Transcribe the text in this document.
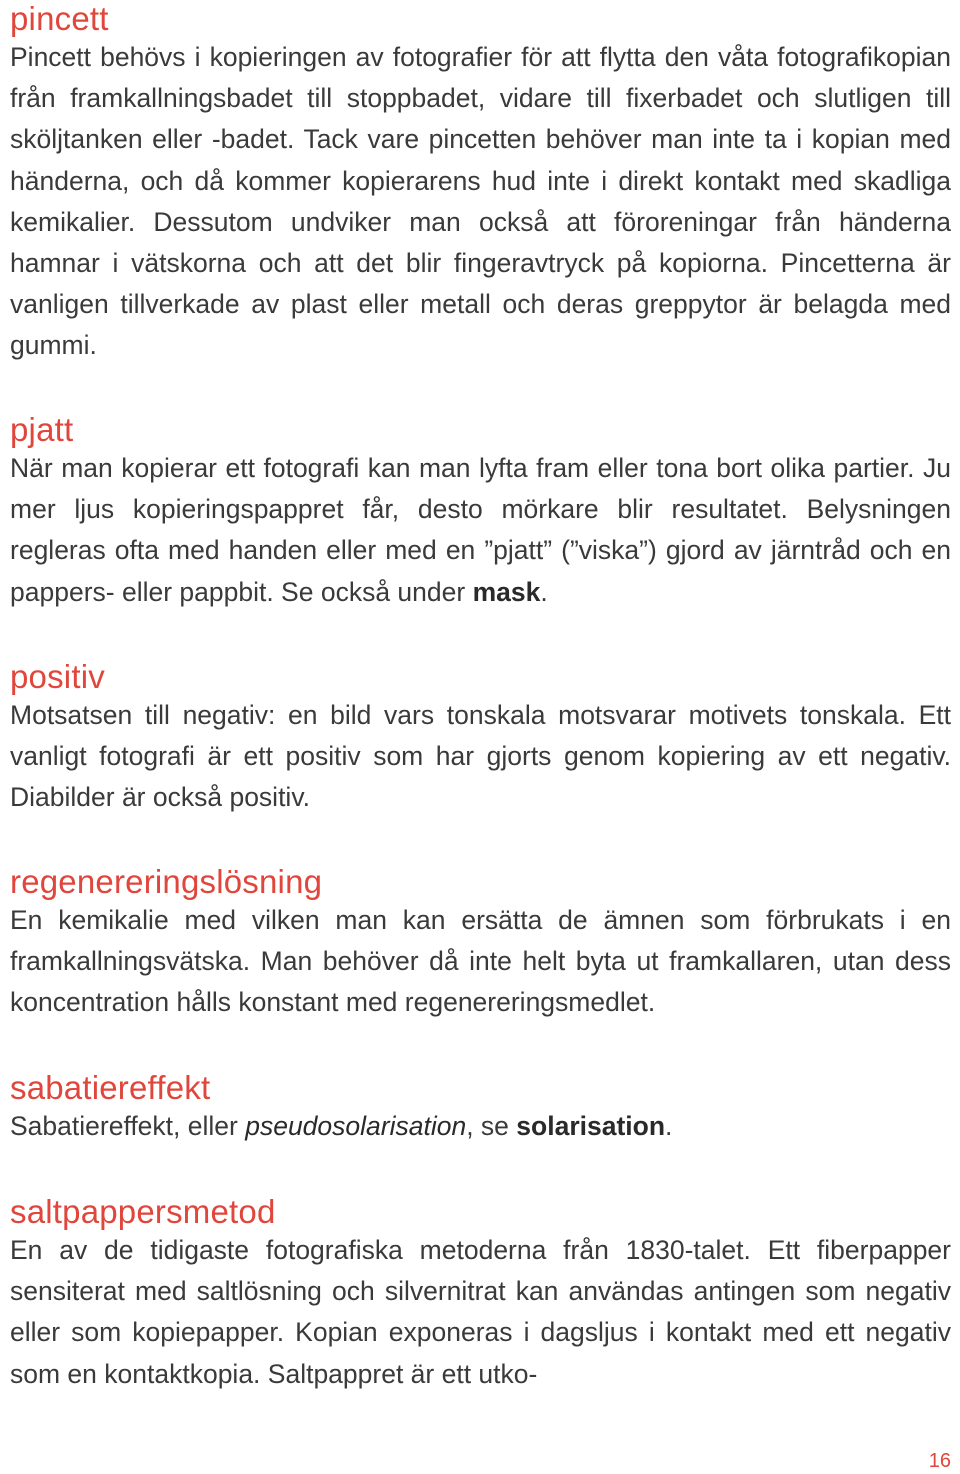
pincett

Pincett behövs i kopieringen av fotografier för att flytta den våta fotografikopian från framkallningsbadet till stoppbadet, vidare till fixerbadet och slutligen till sköljtanken eller -badet. Tack vare pincetten behöver man inte ta i kopian med händerna, och då kommer kopierarens hud inte i direkt kontakt med skadliga kemikalier. Dessutom undviker man också att föroreningar från händerna hamnar i vätskorna och att det blir fingeravtryck på kopiorna. Pincetterna är vanligen tillverkade av plast eller metall och deras greppytor är belagda med gummi.

pjatt

När man kopierar ett fotografi kan man lyfta fram eller tona bort olika partier. Ju mer ljus kopieringspappret får, desto mörkare blir resultatet. Belysningen regleras ofta med handen eller med en ”pjatt” (”viska”) gjord av järntråd och en pappers- eller pappbit. Se också under mask.

positiv

Motsatsen till negativ: en bild vars tonskala motsvarar motivets tonskala. Ett vanligt fotografi är ett positiv som har gjorts genom kopiering av ett negativ. Diabilder är också positiv.

regenereringslösning

En kemikalie med vilken man kan ersätta de ämnen som förbrukats i en framkallningsvätska. Man behöver då inte helt byta ut framkallaren, utan dess koncentration hålls konstant med regenereringsmedlet.

sabatiereffekt

Sabatiereffekt, eller pseudosolarisation, se solarisation.

saltpappersmetod

En av de tidigaste fotografiska metoderna från 1830-talet. Ett fiberpapper sensiterat med saltlösning och silvernitrat kan användas antingen som negativ eller som kopiepapper. Kopian exponeras i dagsljus i kontakt med ett negativ som en kontaktkopia. Saltpappret är ett utko-

16
